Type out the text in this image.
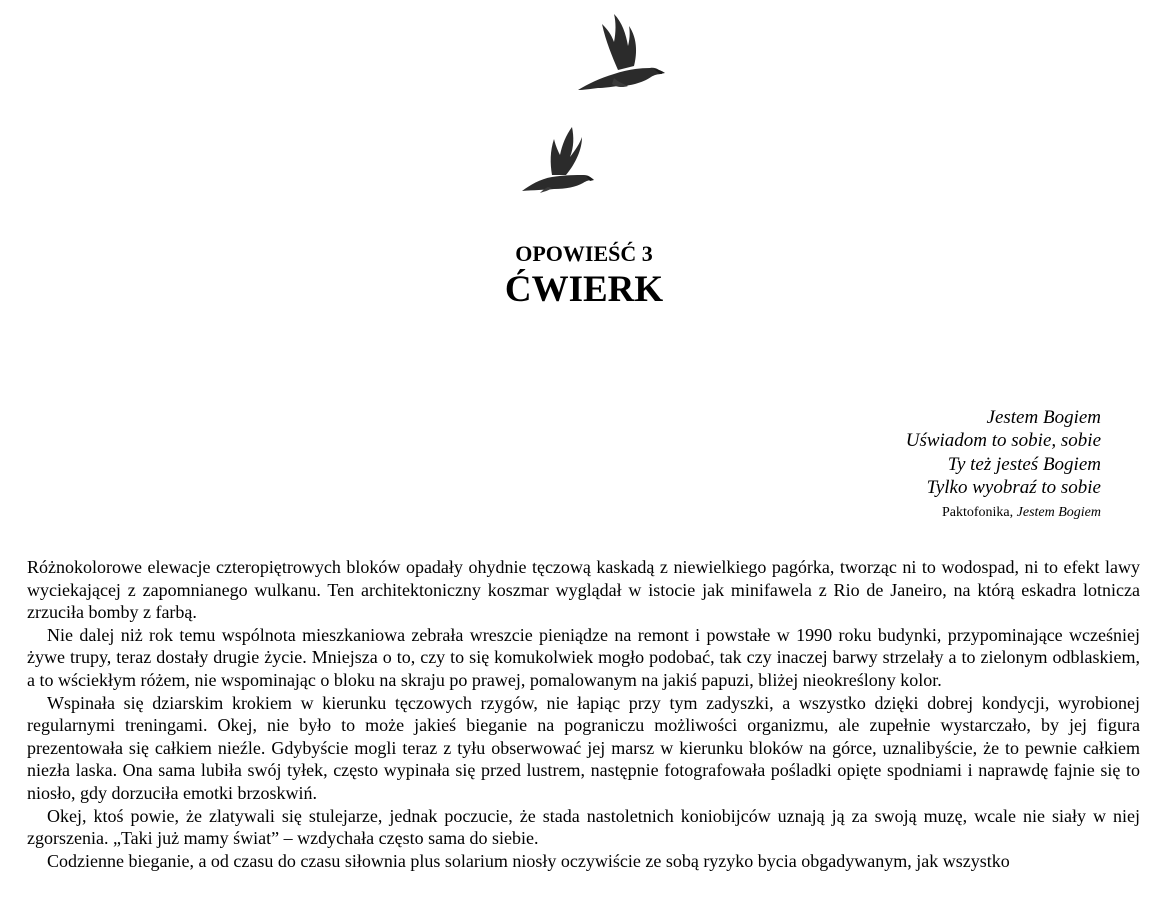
OPOWIEŚĆ 3
ĆWIERK
Jestem Bogiem
Uświadom to sobie, sobie
Ty też jesteś Bogiem
Tylko wyobraź to sobie
Paktofonika, Jestem Bogiem

Różnokolorowe elewacje czteropiętrowych bloków opadały ohydnie tęczową kaskadą z niewielkiego pagórka, tworząc ni to wodospad, ni to efekt lawy wyciekającej z zapomnianego wulkanu. Ten architektoniczny koszmar wyglądał w istocie jak minifawela z Rio de Janeiro, na którą eskadra lotnicza zrzuciła bomby z farbą.

Nie dalej niż rok temu wspólnota mieszkaniowa zebrała wreszcie pieniądze na remont i powstałe w 1990 roku budynki, przypominające wcześniej żywe trupy, teraz dostały drugie życie. Mniejsza o to, czy to się komukolwiek mogło podobać, tak czy inaczej barwy strzelały a to zielonym odblaskiem, a to wściekłym różem, nie wspominając o bloku na skraju po prawej, pomalowanym na jakiś papuzi, bliżej nieokreślony kolor.

Wspinała się dziarskim krokiem w kierunku tęczowych rzygów, nie łapiąc przy tym zadyszki, a wszystko dzięki dobrej kondycji, wyrobionej regularnymi treningami. Okej, nie było to może jakieś bieganie na pograniczu możliwości organizmu, ale zupełnie wystarczało, by jej figura prezentowała się całkiem nieźle. Gdybyście mogli teraz z tyłu obserwować jej marsz w kierunku bloków na górce, uznalibyście, że to pewnie całkiem niezła laska. Ona sama lubiła swój tyłek, często wypinała się przed lustrem, następnie fotografowała pośladki opięte spodniami i naprawdę fajnie się to niosło, gdy dorzuciła emotki brzoskwiń.

Okej, ktoś powie, że zlatywali się stulejarze, jednak poczucie, że stada nastoletnich koniobijców uznają ją za swoją muzę, wcale nie siały w niej zgorszenia. „Taki już mamy świat” – wzdychała często sama do siebie.

Codzienne bieganie, a od czasu do czasu siłownia plus solarium niosły oczywiście ze sobą ryzyko bycia obgadywanym, jak wszystko
